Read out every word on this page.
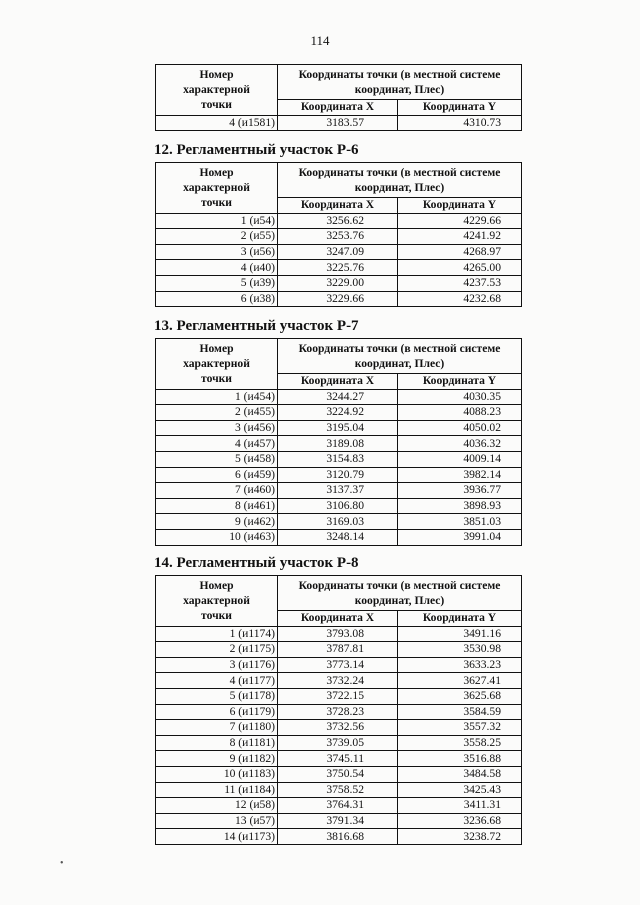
114
Номер характерной точки	Координаты точки (в местной системе координат, Плес)	
	Координата X	Координата Y
4 (и1581)	3183.57	4310.73
12. Регламентный участок Р-6
Номер характерной точки	Координаты точки (в местной системе координат, Плес)	
	Координата X	Координата Y
1 (и54)	3256.62	4229.66
2 (и55)	3253.76	4241.92
3 (и56)	3247.09	4268.97
4 (и40)	3225.76	4265.00
5 (и39)	3229.00	4237.53
6 (и38)	3229.66	4232.68
13. Регламентный участок Р-7
Номер характерной точки	Координаты точки (в местной системе координат, Плес)	
	Координата X	Координата Y
1 (и454)	3244.27	4030.35
2 (и455)	3224.92	4088.23
3 (и456)	3195.04	4050.02
4 (и457)	3189.08	4036.32
5 (и458)	3154.83	4009.14
6 (и459)	3120.79	3982.14
7 (и460)	3137.37	3936.77
8 (и461)	3106.80	3898.93
9 (и462)	3169.03	3851.03
10 (и463)	3248.14	3991.04
14. Регламентный участок Р-8
Номер характерной точки	Координаты точки (в местной системе координат, Плес)	
	Координата X	Координата Y
1 (и1174)	3793.08	3491.16
2 (и1175)	3787.81	3530.98
3 (и1176)	3773.14	3633.23
4 (и1177)	3732.24	3627.41
5 (и1178)	3722.15	3625.68
6 (и1179)	3728.23	3584.59
7 (и1180)	3732.56	3557.32
8 (и1181)	3739.05	3558.25
9 (и1182)	3745.11	3516.88
10 (и1183)	3750.54	3484.58
11 (и1184)	3758.52	3425.43
12 (и58)	3764.31	3411.31
13 (и57)	3791.34	3236.68
14 (и1173)	3816.68	3238.72
•
